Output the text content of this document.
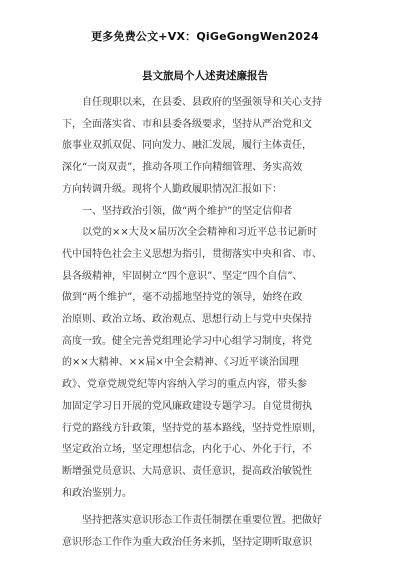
更多免费公文+VX：QiGeGongWen2024
县文旅局个人述责述廉报告
自任现职以来，在县委、县政府的坚强领导和关心支持
下，全面落实省、市和县委各级要求，坚持从严治党和文
旅事业双抓双促、同向发力、融汇发展，履行主体责任，
深化“一岗双责”，推动各项工作向精细管理、务实高效
方向转调升级。现将个人勤政履职情况汇报如下：
一、坚持政治引领，做“两个维护”的坚定信仰者
以党的××大及×届历次全会精神和习近平总书记新时
代中国特色社会主义思想为指引，贯彻落实中央和省、市、
县各级精神，牢固树立“四个意识”、坚定“四个自信”、
做到“两个维护”，毫不动摇地坚持党的领导，始终在政
治原则、政治立场、政治观点、思想行动上与党中央保持
高度一致。健全完善党组理论学习中心组学习制度，将党
的××大精神、××届×中全会精神、《习近平谈治国理
政》、党章党规党纪等内容纳入学习的重点内容，带头参
加固定学习日开展的党风廉政建设专题学习。自觉贯彻执
行党的路线方针政策，坚持党的基本路线，坚持党性原则，
坚定政治立场，坚定理想信念，内化于心、外化于行，不
断增强党员意识、大局意识、责任意识，提高政治敏锐性
和政治鉴别力。
坚持把落实意识形态工作责任制摆在重要位置。把做好
意识形态工作作为重大政治任务来抓，坚持定期听取意识
